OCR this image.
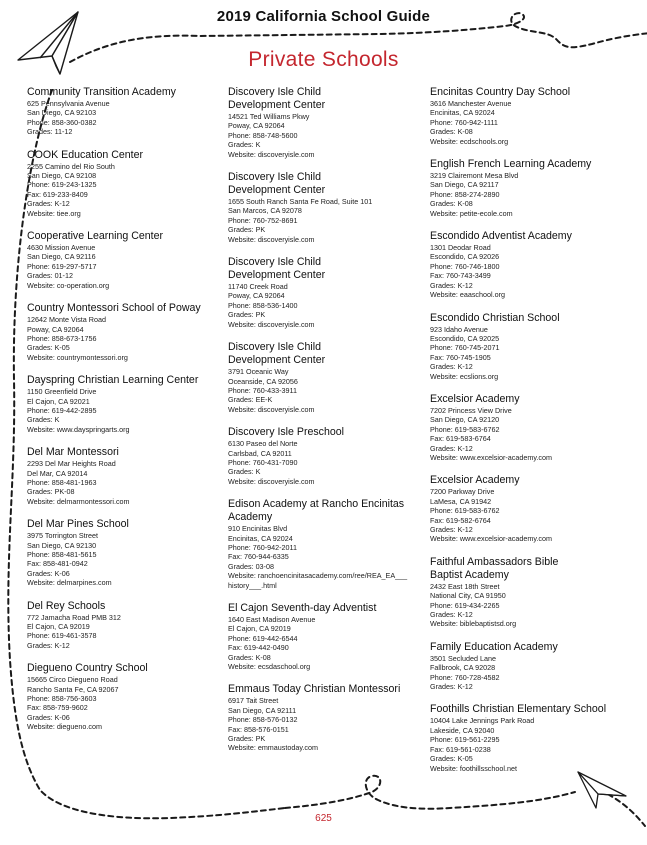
2019 California School Guide
Private Schools
Community Transition Academy
625 Pennsylvania Avenue
San Diego, CA 92103
Phone: 858-360-0382
Grades: 11-12
COOK Education Center
2255 Camino del Rio South
San Diego, CA 92108
Phone: 619-243-1325
Fax: 619-233-8409
Grades: K-12
Website: tiee.org
Cooperative Learning Center
4630 Mission Avenue
San Diego, CA 92116
Phone: 619-297-5717
Grades: 01-12
Website: co-operation.org
Country Montessori School of Poway
12642 Monte Vista Road
Poway, CA 92064
Phone: 858-673-1756
Grades: K-05
Website: countrymontessori.org
Dayspring Christian Learning Center
1150 Greenfield Drive
El Cajon, CA 92021
Phone: 619-442-2895
Grades: K
Website: www.dayspringarts.org
Del Mar Montessori
2293 Del Mar Heights Road
Del Mar, CA 92014
Phone: 858-481-1963
Grades: PK-08
Website: delmarmontessori.com
Del Mar Pines School
3975 Torrington Street
San Diego, CA 92130
Phone: 858-481-5615
Fax: 858-481-0942
Grades: K-06
Website: delmarpines.com
Del Rey Schools
772 Jamacha Road PMB 312
El Cajon, CA 92019
Phone: 619-461-3578
Grades: K-12
Diegueno Country School
15665 Circo Diegueno Road
Rancho Santa Fe, CA 92067
Phone: 858-756-3603
Fax: 858-759-9602
Grades: K-06
Website: diegueno.com
Discovery Isle Child
Development Center
14521 Ted Williams Pkwy
Poway, CA 92064
Phone: 858-748-5600
Grades: K
Website: discoveryisle.com
Discovery Isle Child
Development Center
1655 South Ranch Santa Fe Road, Suite 101
San Marcos, CA 92078
Phone: 760-752-8691
Grades: PK
Website: discoveryisle.com
Discovery Isle Child
Development Center
11740 Creek Road
Poway, CA 92064
Phone: 858-536-1400
Grades: PK
Website: discoveryisle.com
Discovery Isle Child
Development Center
3791 Oceanic Way
Oceanside, CA 92056
Phone: 760-433-3911
Grades: EE-K
Website: discoveryisle.com
Discovery Isle Preschool
6130 Paseo del Norte
Carlsbad, CA 92011
Phone: 760-431-7090
Grades: K
Website: discoveryisle.com
Edison Academy at Rancho Encinitas
Academy
910 Encinitas Blvd
Encinitas, CA 92024
Phone: 760-942-2011
Fax: 760-944-6335
Grades: 03-08
Website: ranchoencinitasacademy.com/ree/REA_EA___
history___.html
El Cajon Seventh-day Adventist
1640 East Madison Avenue
El Cajon, CA 92019
Phone: 619-442-6544
Fax: 619-442-0490
Grades: K-08
Website: ecsdaschool.org
Emmaus Today Christian Montessori
6917 Tait Street
San Diego, CA 92111
Phone: 858-576-0132
Fax: 858-576-0151
Grades: PK
Website: emmaustoday.com
Encinitas Country Day School
3616 Manchester Avenue
Encinitas, CA 92024
Phone: 760-942-1111
Grades: K-08
Website: ecdschools.org
English French Learning Academy
3219 Clairemont Mesa Blvd
San Diego, CA 92117
Phone: 858-274-2890
Grades: K-08
Website: petite-ecole.com
Escondido Adventist Academy
1301 Deodar Road
Escondido, CA 92026
Phone: 760-746-1800
Fax: 760-743-3499
Grades: K-12
Website: eaaschool.org
Escondido Christian School
923 Idaho Avenue
Escondido, CA 92025
Phone: 760-745-2071
Fax: 760-745-1905
Grades: K-12
Website: ecslions.org
Excelsior Academy
7202 Princess View Drive
San Diego, CA 92120
Phone: 619-583-6762
Fax: 619-583-6764
Grades: K-12
Website: www.excelsior-academy.com
Excelsior Academy
7200 Parkway Drive
LaMesa, CA 91942
Phone: 619-583-6762
Fax: 619-582-6764
Grades: K-12
Website: www.excelsior-academy.com
Faithful Ambassadors Bible
Baptist Academy
2432 East 18th Street
National City, CA 91950
Phone: 619-434-2265
Grades: K-12
Website: biblebaptistsd.org
Family Education Academy
3501 Secluded Lane
Fallbrook, CA 92028
Phone: 760-728-4582
Grades: K-12
Foothills Christian Elementary School
10404 Lake Jennings Park Road
Lakeside, CA 92040
Phone: 619-561-2295
Fax: 619-561-0238
Grades: K-05
Website: foothillsschool.net
625
